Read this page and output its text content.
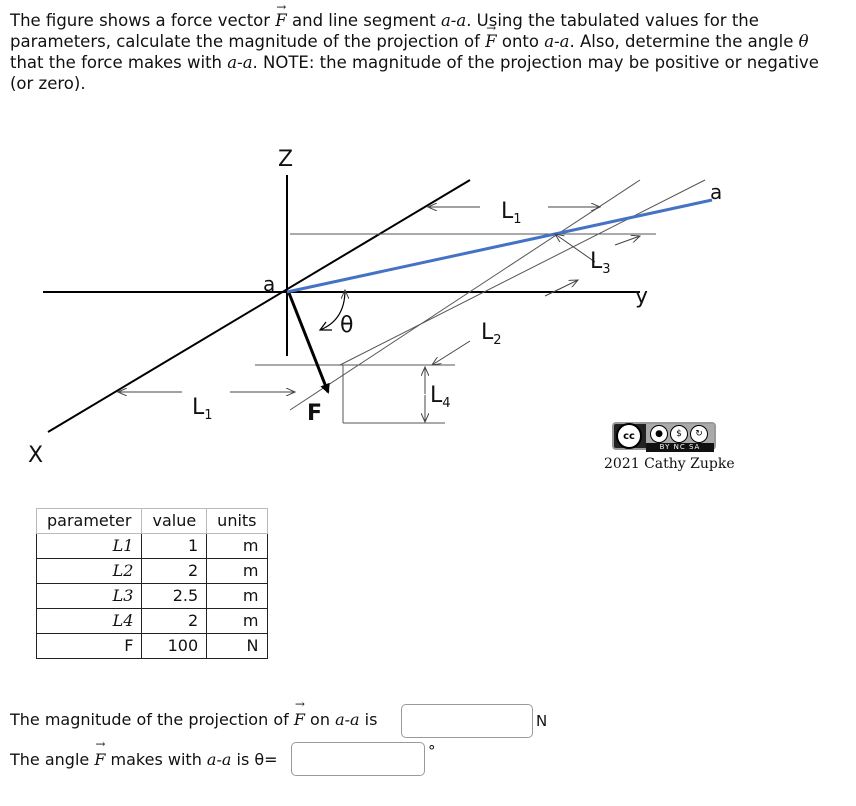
The figure shows a force vector → F and line segment a-a. Using the tabulated values for the parameters, calculate the magnitude of the projection of → F onto a-a. Also, determine the angle θ that the force makes with a-a. NOTE: the magnitude of the projection may be positive or negative (or zero).
Z
X
y
a
a
F
θ
$L_1$
$L_1$
$L_2$
$L_3$
$L_4$
cc	●	$	↻
BY NC SA
2021 Cathy Zupke
parameter	value	units
L1	1	m
L2	2	m
L3	2.5	m
L4	2	m
F	100	N
The magnitude of the projection of → F on a-a is	N
The angle → F makes with a-a is θ=	°
